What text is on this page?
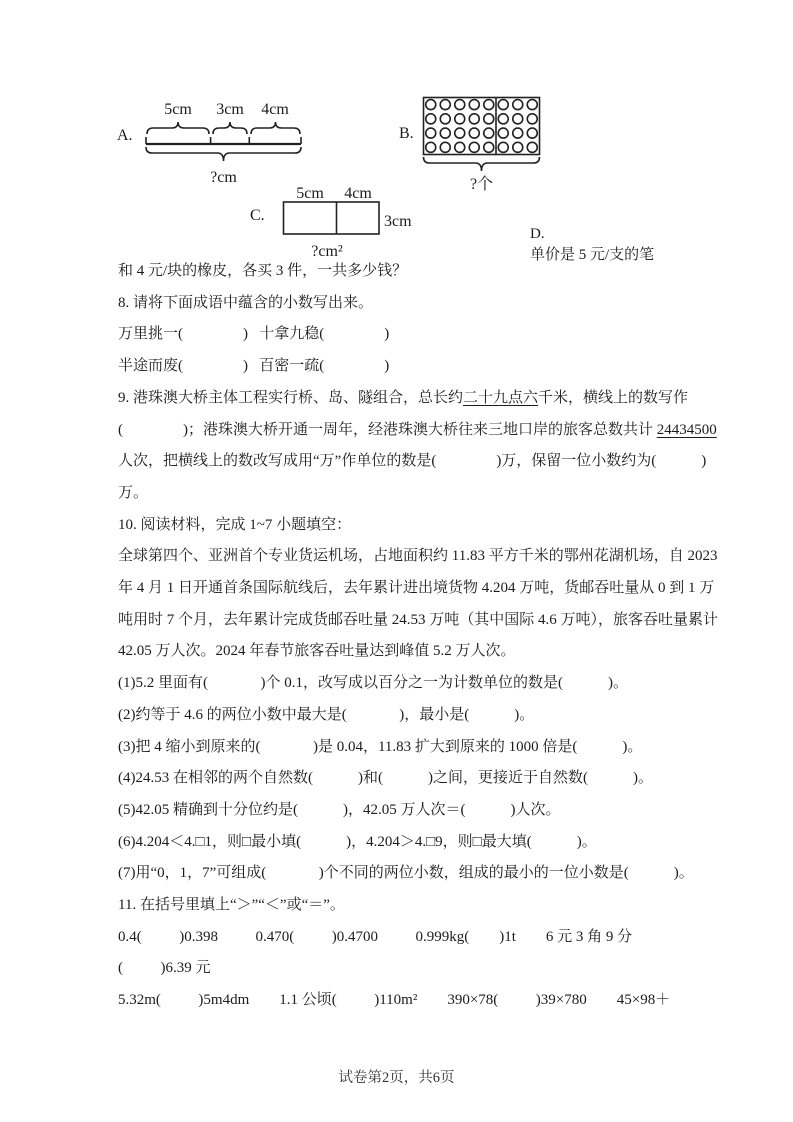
A.
5cm 3cm 4cm
?cm
B.
?个
C.
5cm 4cm
3cm
?cm²

D.
单价是 5 元/支的笔

和 4 元/块的橡皮，各买 3 件，一共多少钱？
8. 请将下面成语中蕴含的小数写出来。
万里挑一(                )   十拿九稳(                )
半途而废(                )   百密一疏(                )
9. 港珠澳大桥主体工程实行桥、岛、隧组合，总长约二十九点六千米，横线上的数写作
(                )；港珠澳大桥开通一周年，经港珠澳大桥往来三地口岸的旅客总数共计 24434500
人次，把横线上的数改写成用“万”作单位的数是(                )万，保留一位小数约为(            )
万。
10. 阅读材料，完成 1~7 小题填空：
全球第四个、亚洲首个专业货运机场，占地面积约 11.83 平方千米的鄂州花湖机场，自 2023
年 4 月 1 日开通首条国际航线后，去年累计进出境货物 4.204 万吨，货邮吞吐量从 0 到 1 万
吨用时 7 个月，去年累计完成货邮吞吐量 24.53 万吨（其中国际 4.6 万吨），旅客吞吐量累计
42.05 万人次。2024 年春节旅客吞吐量达到峰值 5.2 万人次。
(1)5.2 里面有(              )个 0.1，改写成以百分之一为计数单位的数是(            )。
(2)约等于 4.6 的两位小数中最大是(              )，最小是(            )。
(3)把 4 缩小到原来的(              )是 0.04，11.83 扩大到原来的 1000 倍是(            )。
(4)24.53 在相邻的两个自然数(            )和(            )之间，更接近于自然数(            )。
(5)42.05 精确到十分位约是(            )，42.05 万人次＝(            )人次。
(6)4.204＜4.□1，则□最小填(            )，4.204＞4.□9，则□最大填(            )。
(7)用“0，1，7”可组成(              )个不同的两位小数，组成的最小的一位小数是(            )。
11. 在括号里填上“＞”“＜”或“＝”。
0.4(          )0.398          0.470(          )0.4700          0.999kg(        )1t        6 元 3 角 9 分
(          )6.39 元
5.32m(          )5m4dm        1.1 公顷(          )110m²        390×78(          )39×780        45×98＋
试卷第2页，共6页
